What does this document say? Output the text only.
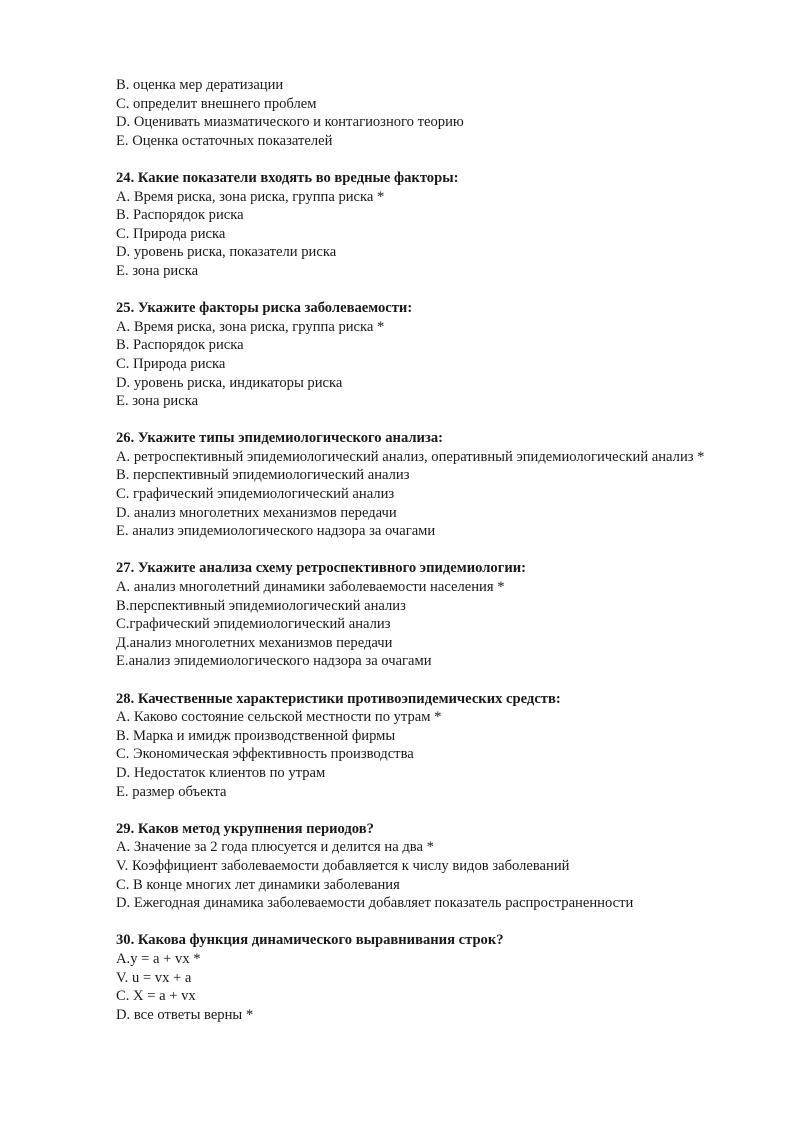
B. оценка мер дератизации
C. определит внешнего проблем
D. Оценивать миазматического и контагиозного теорию
E. Оценка остаточных показателей
24. Какие показатели входять во вредные факторы:
A. Время риска, зона риска, группа риска *
B. Распорядок риска
C. Природа риска
D. уровень риска, показатели риска
E. зона риска
25. Укажите факторы риска заболеваемости:
A. Время риска, зона риска, группа риска *
B. Распорядок риска
C. Природа риска
D. уровень риска, индикаторы риска
E. зона риска
26. Укажите типы эпидемиологического анализа:
A. ретроспективный эпидемиологический анализ, оперативный эпидемиологический анализ *
B. перспективный эпидемиологический анализ
C. графический эпидемиологический анализ
D. анализ многолетних механизмов передачи
E. анализ эпидемиологического надзора за очагами
27. Укажите анализа схему ретроспективного эпидемиологии:
A. анализ многолетний динамики заболеваемости населения *
B.перспективный эпидемиологический анализ
C.графический эпидемиологический анализ
Д.анализ многолетних механизмов передачи
E.анализ эпидемиологического надзора за очагами
28. Качественные характеристики противоэпидемических средств:
A. Каково состояние сельской местности по утрам *
B. Марка и имидж производственной фирмы
C. Экономическая эффективность производства
D. Недостаток клиентов по утрам
E. размер объекта
29. Каков метод укрупнения периодов?
A. Значение за 2 года плюсуется и делится на два *
V. Коэффициент заболеваемости добавляется к числу видов заболеваний
C. В конце многих лет динамики заболевания
D. Ежегодная динамика заболеваемости добавляет показатель распространенности
30. Какова функция динамического выравнивания строк?
A.y = a + vx *
V. u = vx + a
C. X = a + vx
D. все ответы верны *
